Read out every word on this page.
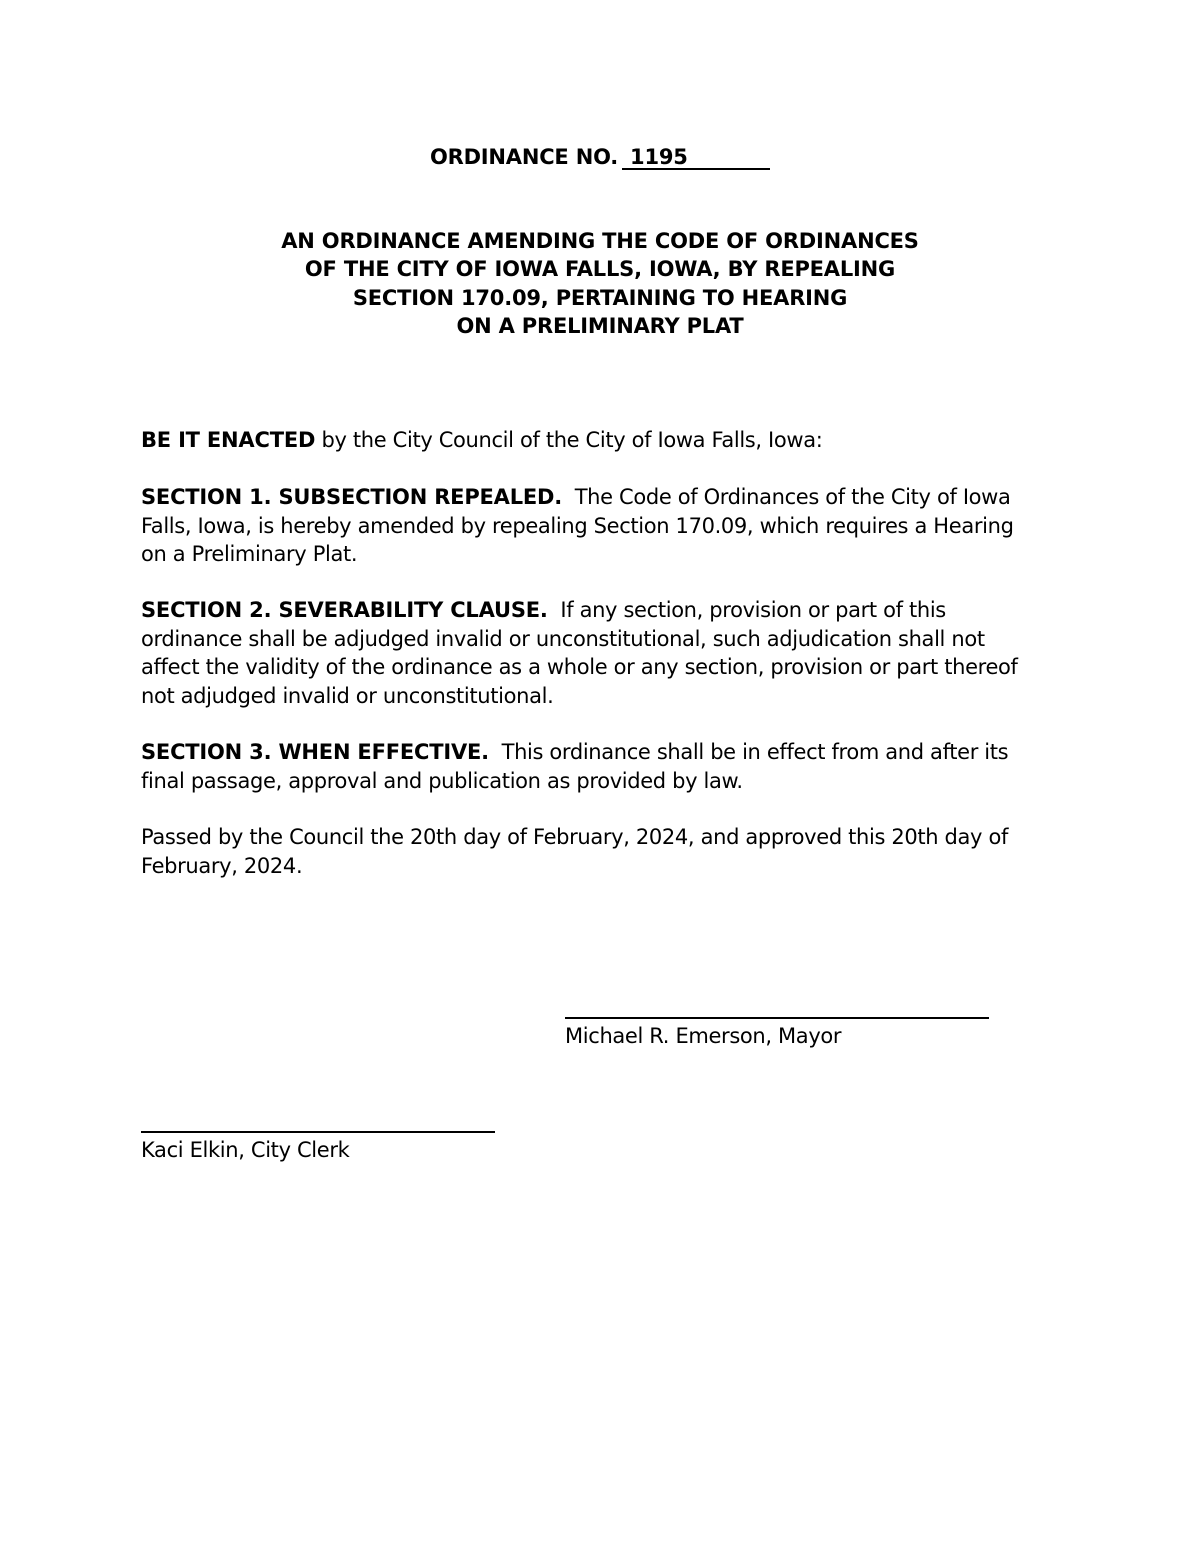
ORDINANCE NO. 1195
AN ORDINANCE AMENDING THE CODE OF ORDINANCES
OF THE CITY OF IOWA FALLS, IOWA, BY REPEALING
SECTION 170.09, PERTAINING TO HEARING
ON A PRELIMINARY PLAT
BE IT ENACTED by the City Council of the City of Iowa Falls, Iowa:
SECTION 1. SUBSECTION REPEALED.  The Code of Ordinances of the City of Iowa
Falls, Iowa, is hereby amended by repealing Section 170.09, which requires a Hearing
on a Preliminary Plat.
SECTION 2. SEVERABILITY CLAUSE.  If any section, provision or part of this
ordinance shall be adjudged invalid or unconstitutional, such adjudication shall not
affect the validity of the ordinance as a whole or any section, provision or part thereof
not adjudged invalid or unconstitutional.
SECTION 3. WHEN EFFECTIVE.  This ordinance shall be in effect from and after its
final passage, approval and publication as provided by law.
Passed by the Council the 20th day of February, 2024, and approved this 20th day of
February, 2024.
Michael R. Emerson, Mayor
Kaci Elkin, City Clerk
